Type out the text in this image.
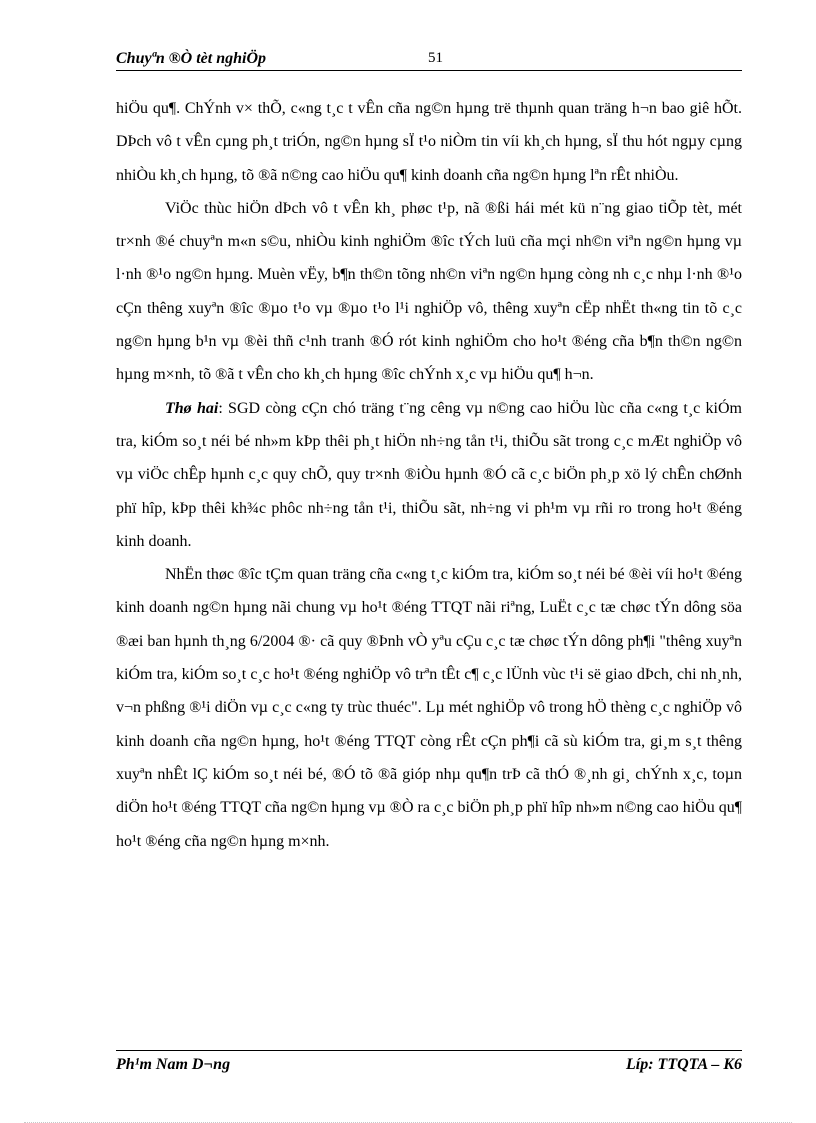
Chuyªn ®Ò tèt nghiÖp	51

hiÖu qu¶. ChÝnh v× thÕ, c«ng t¸c t vÊn cña ng©n hµng trë thµnh quan träng h¬n bao giê hÕt. DÞch vô t vÊn cµng ph¸t triÓn, ng©n hµng sÏ t¹o niÒm tin víi kh¸ch hµng, sÏ thu hót ngµy cµng nhiÒu kh¸ch hµng, tõ ®ã n©ng cao hiÖu qu¶ kinh doanh cña ng©n hµng lªn rÊt nhiÒu.

ViÖc thùc hiÖn dÞch vô t vÊn kh¸ phøc t¹p, nã ®ßi hái mét kü n¨ng giao tiÕp tèt, mét tr×nh ®é chuyªn m«n s©u, nhiÒu kinh nghiÖm ®îc tÝch luü cña mçi nh©n viªn ng©n hµng vµ l·nh ®¹o ng©n hµng. Muèn vËy, b¶n th©n tõng nh©n viªn ng©n hµng còng nh c¸c nhµ l·nh ®¹o cÇn thêng xuyªn ®îc ®µo t¹o vµ ®µo t¹o l¹i nghiÖp vô, thêng xuyªn cËp nhËt th«ng tin tõ c¸c ng©n hµng b¹n vµ ®èi thñ c¹nh tranh ®Ó rót kinh nghiÖm cho ho¹t ®éng cña b¶n th©n ng©n hµng m×nh, tõ ®ã t vÊn cho kh¸ch hµng ®îc chÝnh x¸c vµ hiÖu qu¶ h¬n.

Thø hai: SGD còng cÇn chó träng t¨ng cêng vµ n©ng cao hiÖu lùc cña c«ng t¸c kiÓm tra, kiÓm so¸t néi bé nh»m kÞp thêi ph¸t hiÖn nh÷ng tån t¹i, thiÕu sãt trong c¸c mÆt nghiÖp vô vµ viÖc chÊp hµnh c¸c quy chÕ, quy tr×nh ®iÒu hµnh ®Ó cã c¸c biÖn ph¸p xö lý chÊn chØnh phï hîp, kÞp thêi kh¾c phôc nh÷ng tån t¹i, thiÕu sãt, nh÷ng vi ph¹m vµ rñi ro trong ho¹t ®éng kinh doanh.

NhËn thøc ®îc tÇm quan träng cña c«ng t¸c kiÓm tra, kiÓm so¸t néi bé ®èi víi ho¹t ®éng kinh doanh ng©n hµng nãi chung vµ ho¹t ®éng TTQT nãi riªng, LuËt c¸c tæ chøc tÝn dông söa ®æi ban hµnh th¸ng 6/2004 ®· cã quy ®Þnh vÒ yªu cÇu c¸c tæ chøc tÝn dông ph¶i "thêng xuyªn kiÓm tra, kiÓm so¸t c¸c ho¹t ®éng nghiÖp vô trªn tÊt c¶ c¸c lÜnh vùc t¹i së giao dÞch, chi nh¸nh, v¬n phßng ®¹i diÖn vµ c¸c c«ng ty trùc thuéc". Lµ mét nghiÖp vô trong hÖ thèng c¸c nghiÖp vô kinh doanh cña ng©n hµng, ho¹t ®éng TTQT còng rÊt cÇn ph¶i cã sù kiÓm tra, gi¸m s¸t thêng xuyªn nhÊt lÇ kiÓm so¸t néi bé, ®Ó tõ ®ã gióp nhµ qu¶n trÞ cã thÓ ®¸nh gi¸ chÝnh x¸c, toµn diÖn ho¹t ®éng TTQT cña ng©n hµng vµ ®Ò ra c¸c biÖn ph¸p phï hîp nh»m n©ng cao hiÖu qu¶ ho¹t ®éng cña ng©n hµng m×nh.

Ph¹m Nam D¬ng	Líp: TTQTA – K6
